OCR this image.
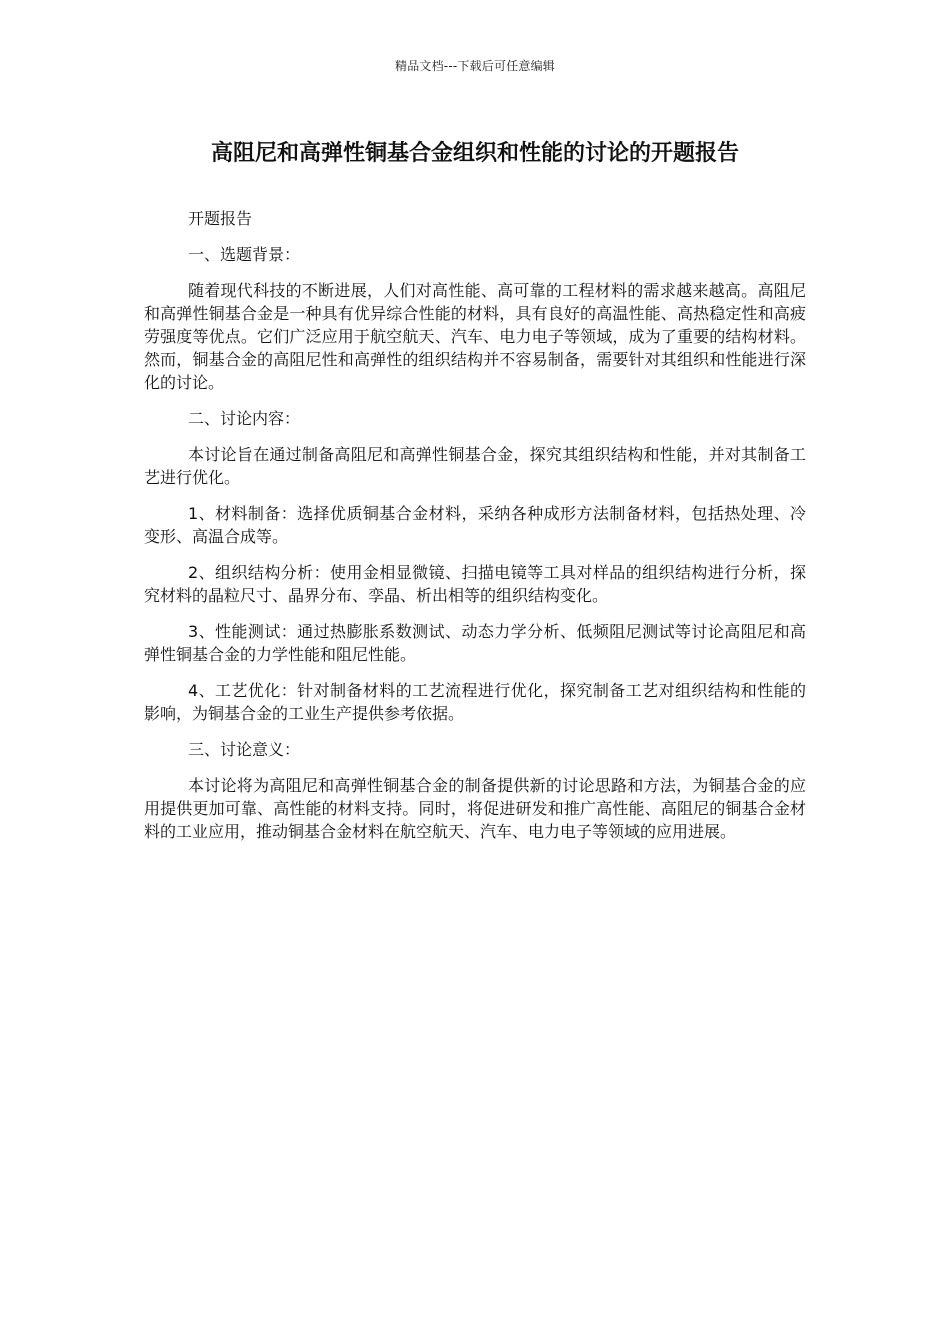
精品文档---下载后可任意编辑
高阻尼和高弹性铜基合金组织和性能的讨论的开题报告

开题报告

一、选题背景：

随着现代科技的不断进展，人们对高性能、高可靠的工程材料的需求越来越高。高阻尼和高弹性铜基合金是一种具有优异综合性能的材料，具有良好的高温性能、高热稳定性和高疲劳强度等优点。它们广泛应用于航空航天、汽车、电力电子等领域，成为了重要的结构材料。然而，铜基合金的高阻尼性和高弹性的组织结构并不容易制备，需要针对其组织和性能进行深化的讨论。

二、讨论内容：

本讨论旨在通过制备高阻尼和高弹性铜基合金，探究其组织结构和性能，并对其制备工艺进行优化。

1、材料制备：选择优质铜基合金材料，采纳各种成形方法制备材料，包括热处理、冷变形、高温合成等。

2、组织结构分析：使用金相显微镜、扫描电镜等工具对样品的组织结构进行分析，探究材料的晶粒尺寸、晶界分布、孪晶、析出相等的组织结构变化。

3、性能测试：通过热膨胀系数测试、动态力学分析、低频阻尼测试等讨论高阻尼和高弹性铜基合金的力学性能和阻尼性能。

4、工艺优化：针对制备材料的工艺流程进行优化，探究制备工艺对组织结构和性能的影响，为铜基合金的工业生产提供参考依据。

三、讨论意义：

本讨论将为高阻尼和高弹性铜基合金的制备提供新的讨论思路和方法，为铜基合金的应用提供更加可靠、高性能的材料支持。同时，将促进研发和推广高性能、高阻尼的铜基合金材料的工业应用，推动铜基合金材料在航空航天、汽车、电力电子等领域的应用进展。
